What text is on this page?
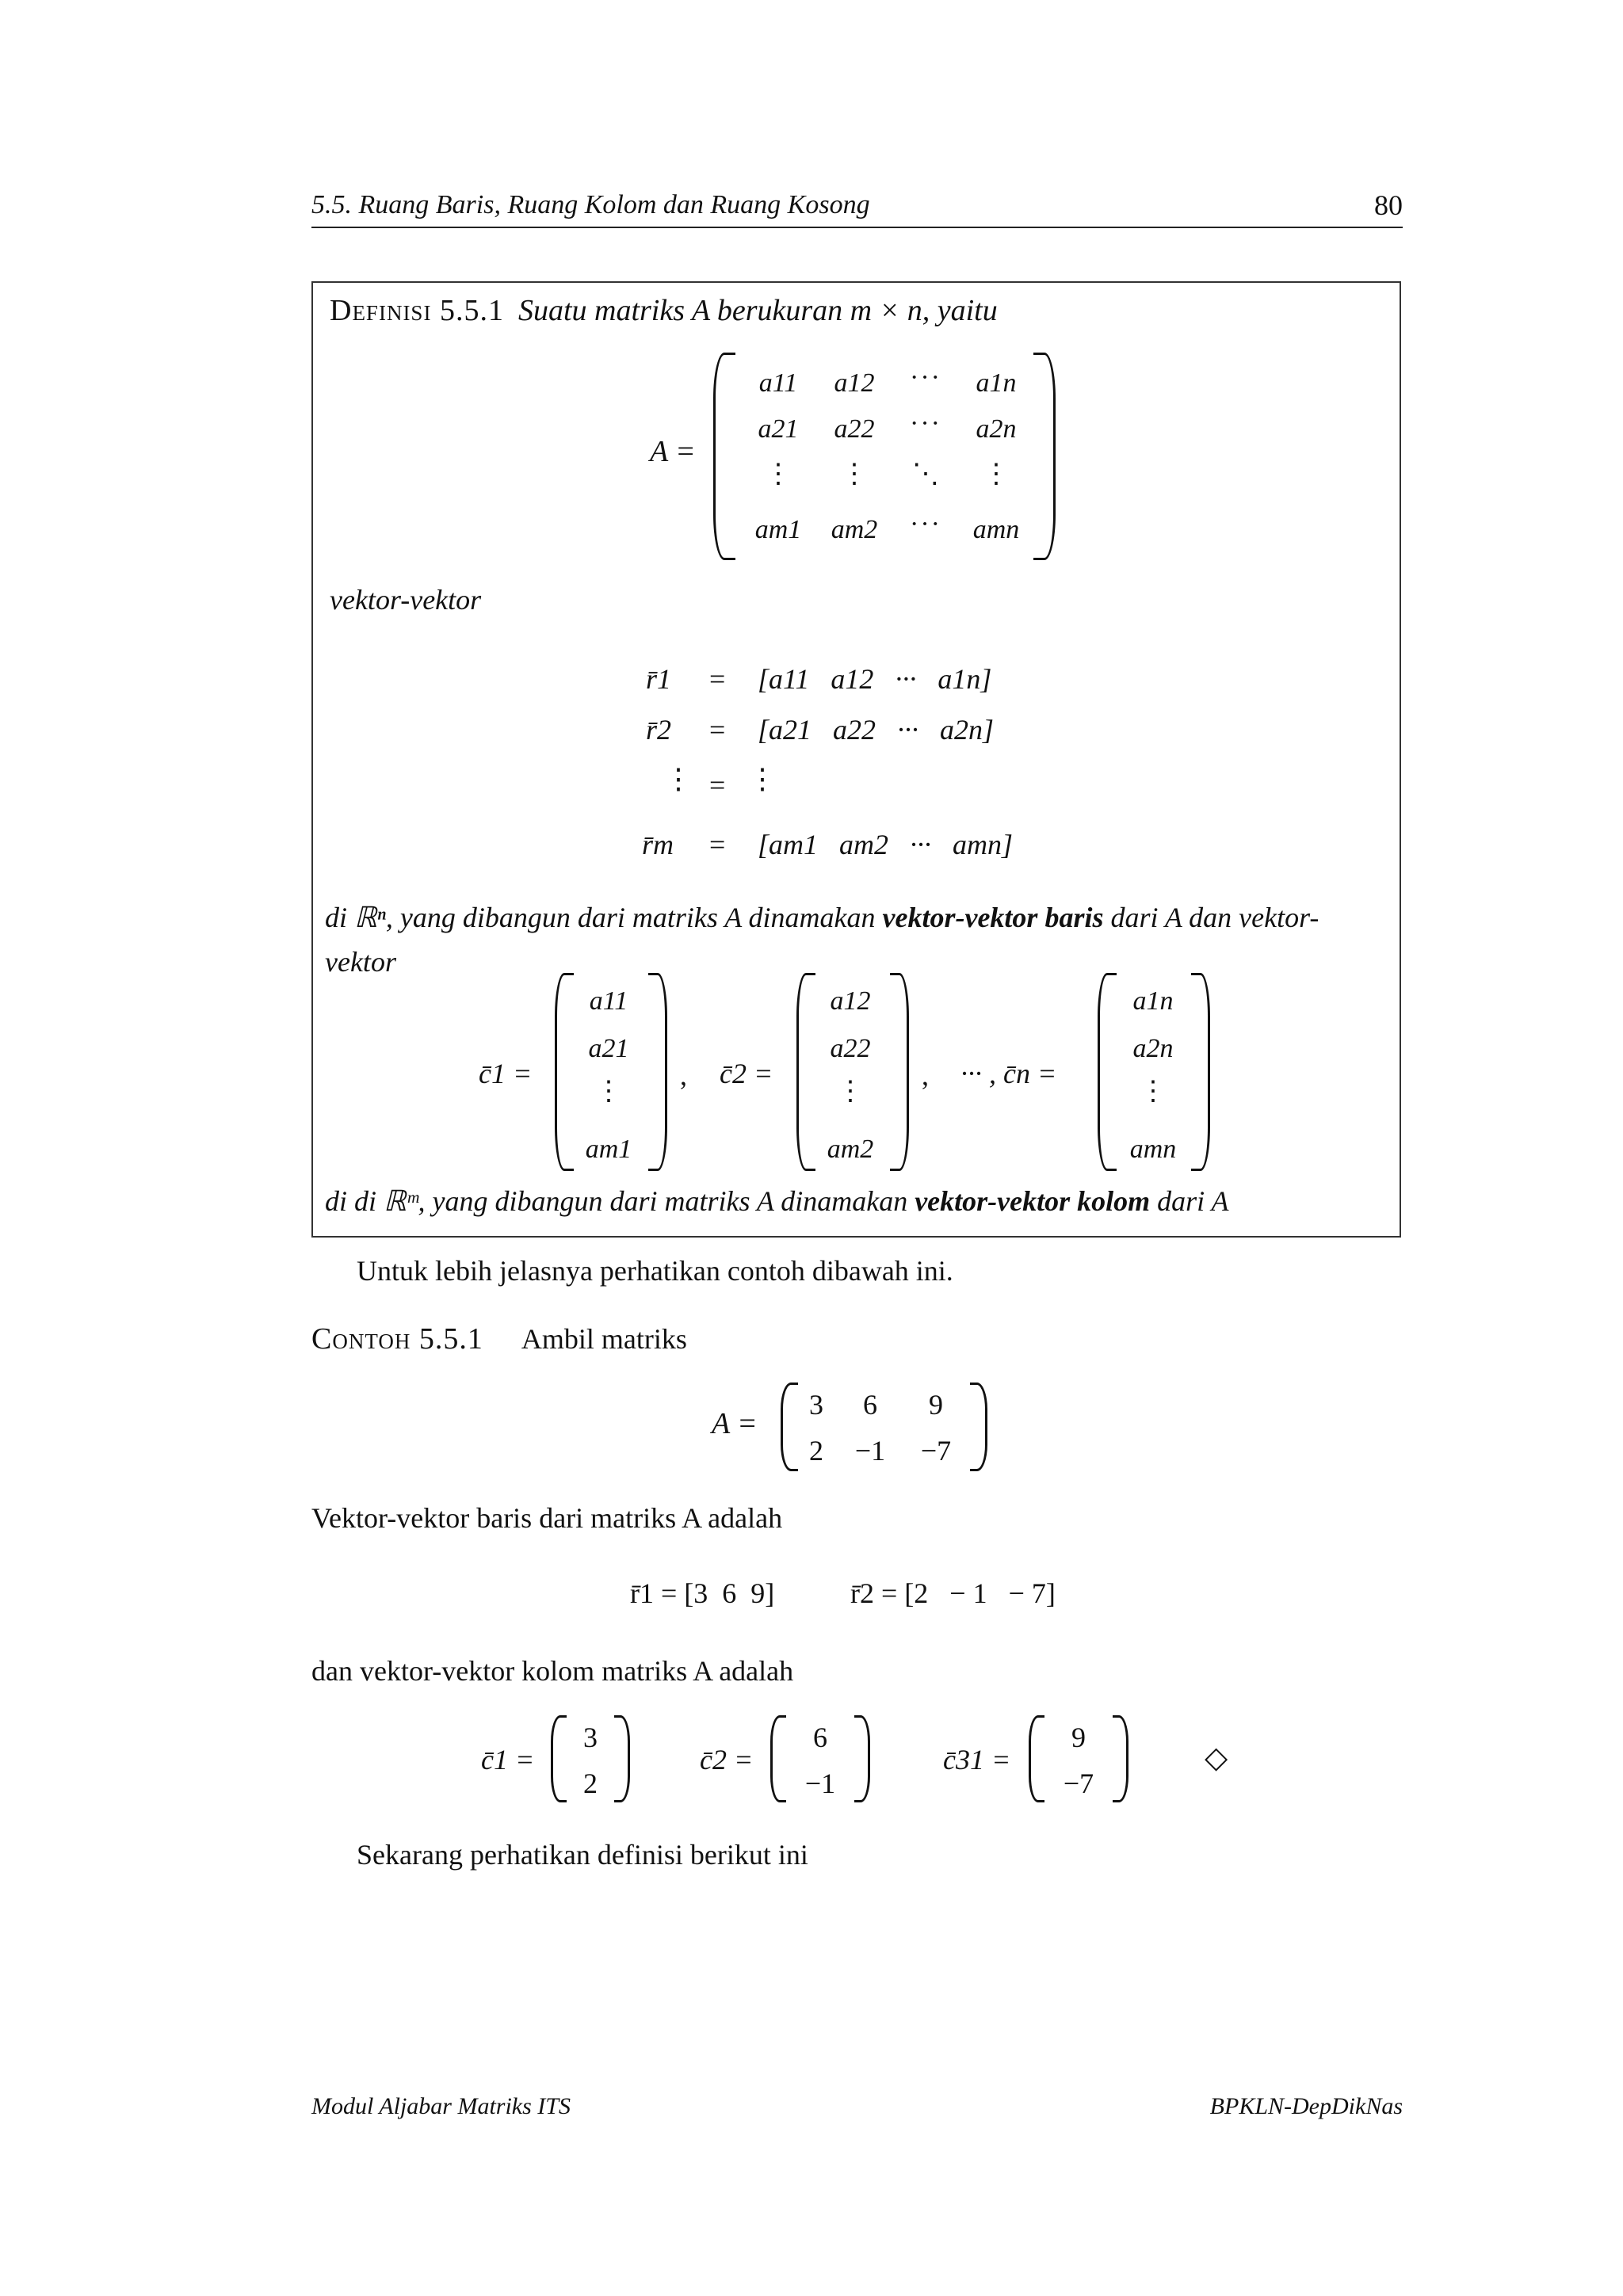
5.5. Ruang Baris, Ruang Kolom dan Ruang Kosong	80
Definisi 5.5.1 Suatu matriks A berukuran m × n, yaitu
A =
a11	a12	···	a1n
a21	a22	···	a2n
⋮	⋮	⋱	⋮
am1	am2	···	amn
vektor-vektor
r̄1 = [a11   a12   ···   a1n]
r̄2 = [a21   a22   ···   a2n]
⋮ = ⋮
r̄m = [am1   am2   ···   amn]
di ℝⁿ, yang dibangun dari matriks A dinamakan vektor-vektor baris dari A dan vektor-
vektor
c̄1 =
a11
a21
⋮
am1
, c̄2 =
a12
a22
⋮
am2
, ··· , c̄n =
a1n
a2n
⋮
amn
di di ℝᵐ, yang dibangun dari matriks A dinamakan vektor-vektor kolom dari A
Untuk lebih jelasnya perhatikan contoh dibawah ini.
Contoh 5.5.1 Ambil matriks
A =
3	6	9
2	−1	−7
Vektor-vektor baris dari matriks A adalah
r̄1 = [3  6  9]	r̄2 = [2   − 1   − 7]
dan vektor-vektor kolom matriks A adalah
c̄1 =
3
2
c̄2 =
6
−1
c̄31 =
9
−7
◇
Sekarang perhatikan definisi berikut ini
Modul Aljabar Matriks ITS	BPKLN-DepDikNas
